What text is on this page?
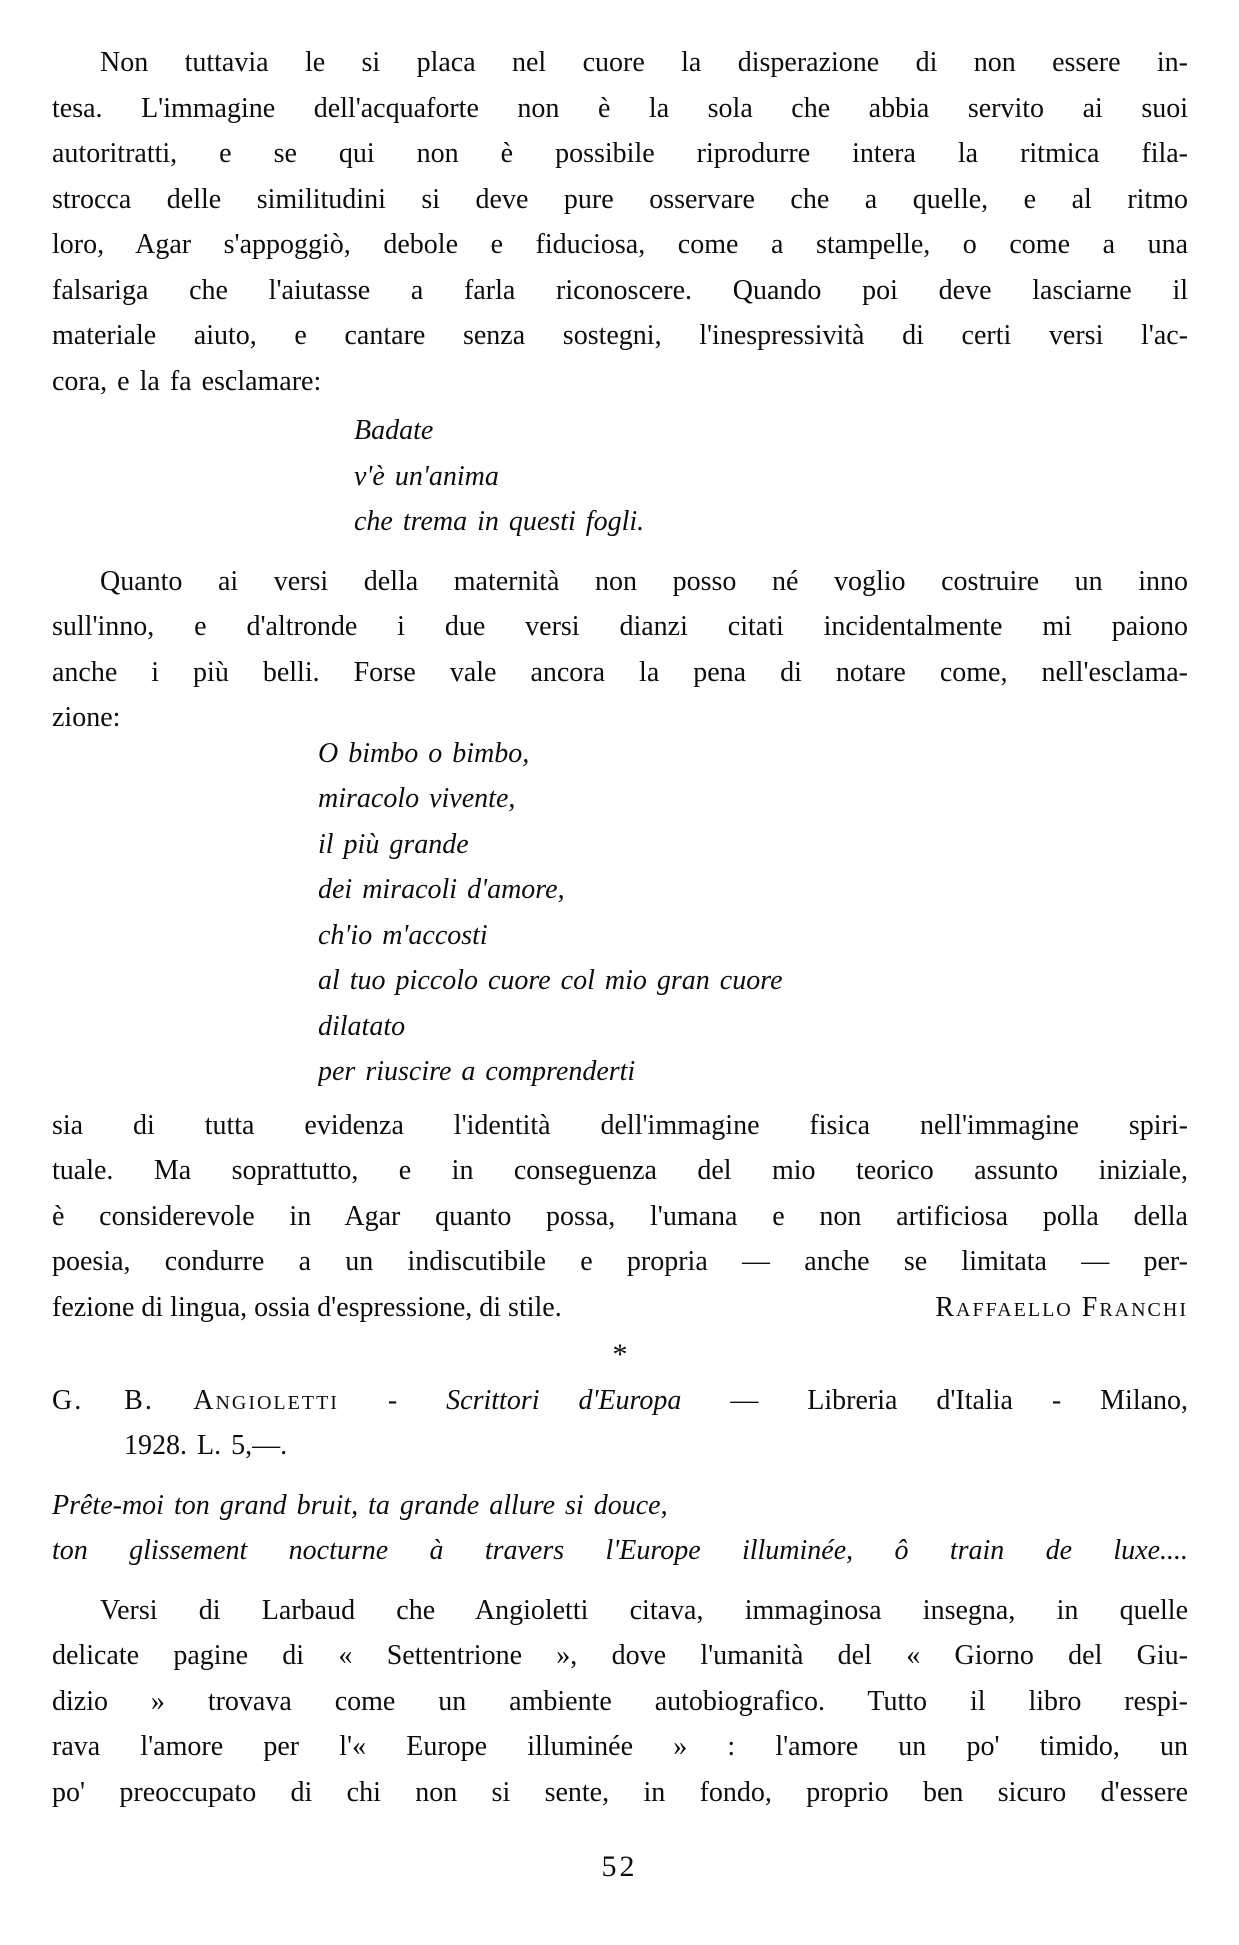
Non tuttavia le si placa nel cuore la disperazione di non essere in-
tesa. L'immagine dell'acquaforte non è la sola che abbia servito ai suoi
autoritratti, e se qui non è possibile riprodurre intera la ritmica fila-
strocca delle similitudini si deve pure osservare che a quelle, e al ritmo
loro, Agar s'appoggiò, debole e fiduciosa, come a stampelle, o come a una
falsariga che l'aiutasse a farla riconoscere. Quando poi deve lasciarne il
materiale aiuto, e cantare senza sostegni, l'inespressività di certi versi l'ac-
cora, e la fa esclamare:
Badate
v'è un'anima
che trema in questi fogli.
Quanto ai versi della maternità non posso né voglio costruire un inno
sull'inno, e d'altronde i due versi dianzi citati incidentalmente mi paiono
anche i più belli. Forse vale ancora la pena di notare come, nell'esclama-
zione:
O bimbo o bimbo,
miracolo vivente,
il più grande
dei miracoli d'amore,
ch'io m'accosti
al tuo piccolo cuore col mio gran cuore
dilatato
per riuscire a comprenderti
sia di tutta evidenza l'identità dell'immagine fisica nell'immagine spiri-
tuale. Ma soprattutto, e in conseguenza del mio teorico assunto iniziale,
è considerevole in Agar quanto possa, l'umana e non artificiosa polla della
poesia, condurre a un indiscutibile e propria — anche se limitata — per-
fezione di lingua, ossia d'espressione, di stile.	Raffaello Franchi
*
G. B. Angioletti - Scrittori d'Europa — Libreria d'Italia - Milano,
1928. L. 5,—.
Prête-moi ton grand bruit, ta grande allure si douce,
ton glissement nocturne à travers l'Europe illuminée, ô train de luxe....
Versi di Larbaud che Angioletti citava, immaginosa insegna, in quelle
delicate pagine di « Settentrione », dove l'umanità del « Giorno del Giu-
dizio » trovava come un ambiente autobiografico. Tutto il libro respi-
rava l'amore per l'« Europe illuminée » : l'amore un po' timido, un
po' preoccupato di chi non si sente, in fondo, proprio ben sicuro d'essere
52
